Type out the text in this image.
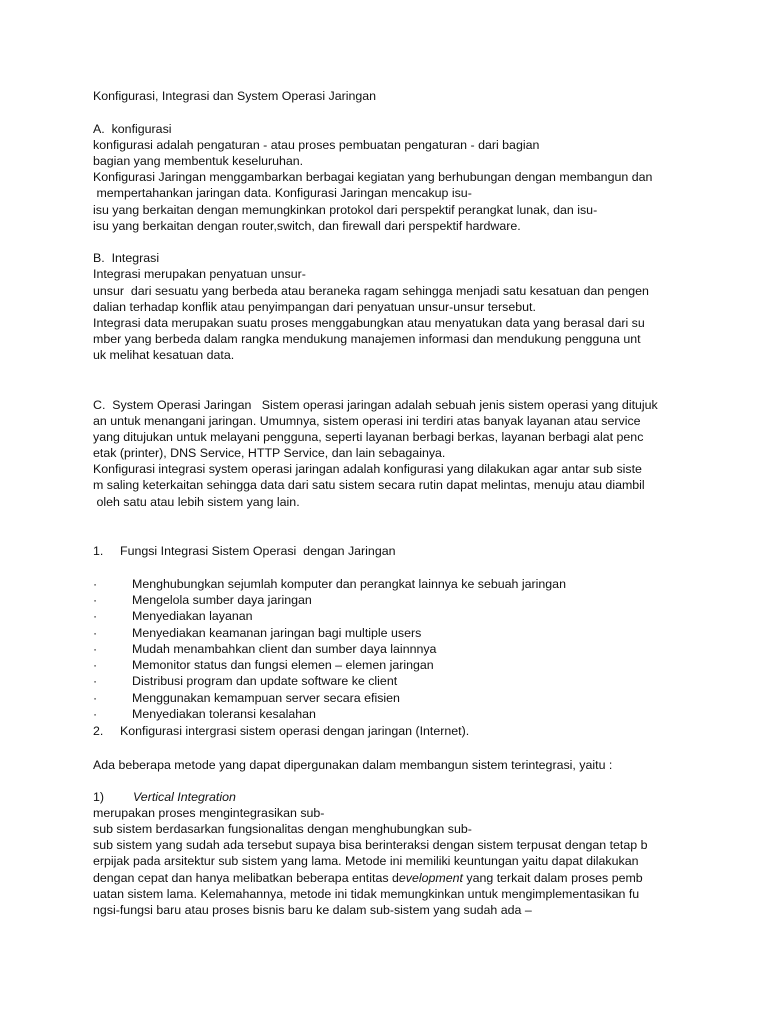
Konfigurasi, Integrasi dan System Operasi Jaringan

A.  konfigurasi

konfigurasi adalah pengaturan - atau proses pembuatan pengaturan - dari bagian

bagian yang membentuk keseluruhan.

Konfigurasi Jaringan menggambarkan berbagai kegiatan yang berhubungan dengan membangun dan

mempertahankan jaringan data. Konfigurasi Jaringan mencakup isu-

isu yang berkaitan dengan memungkinkan protokol dari perspektif perangkat lunak, dan isu-

isu yang berkaitan dengan router,switch, dan firewall dari perspektif hardware.

B.  Integrasi

Integrasi merupakan penyatuan unsur-

unsur  dari sesuatu yang berbeda atau beraneka ragam sehingga menjadi satu kesatuan dan pengen

dalian terhadap konflik atau penyimpangan dari penyatuan unsur-unsur tersebut.

Integrasi data merupakan suatu proses menggabungkan atau menyatukan data yang berasal dari su

mber yang berbeda dalam rangka mendukung manajemen informasi dan mendukung pengguna unt

uk melihat kesatuan data.

C.  System Operasi Jaringan   Sistem operasi jaringan adalah sebuah jenis sistem operasi yang ditujuk

an untuk menangani jaringan. Umumnya, sistem operasi ini terdiri atas banyak layanan atau service

yang ditujukan untuk melayani pengguna, seperti layanan berbagi berkas, layanan berbagi alat penc

etak (printer), DNS Service, HTTP Service, dan lain sebagainya.

Konfigurasi integrasi system operasi jaringan adalah konfigurasi yang dilakukan agar antar sub siste

m saling keterkaitan sehingga data dari satu sistem secara rutin dapat melintas, menuju atau diambil

oleh satu atau lebih sistem yang lain.

1. Fungsi Integrasi Sistem Operasi  dengan Jaringan

·	Menghubungkan sejumlah komputer dan perangkat lainnya ke sebuah jaringan

·	Mengelola sumber daya jaringan

·	Menyediakan layanan

·	Menyediakan keamanan jaringan bagi multiple users

·	Mudah menambahkan client dan sumber daya lainnnya

·	Memonitor status dan fungsi elemen – elemen jaringan

·	Distribusi program dan update software ke client

·	Menggunakan kemampuan server secara efisien

·	Menyediakan toleransi kesalahan

2. Konfigurasi intergrasi sistem operasi dengan jaringan (Internet).

Ada beberapa metode yang dapat dipergunakan dalam membangun sistem terintegrasi, yaitu :

1) Vertical Integration

merupakan proses mengintegrasikan sub-

sub sistem berdasarkan fungsionalitas dengan menghubungkan sub-

sub sistem yang sudah ada tersebut supaya bisa berinteraksi dengan sistem terpusat dengan tetap b

erpijak pada arsitektur sub sistem yang lama. Metode ini memiliki keuntungan yaitu dapat dilakukan

dengan cepat dan hanya melibatkan beberapa entitas development yang terkait dalam proses pemb

uatan sistem lama. Kelemahannya, metode ini tidak memungkinkan untuk mengimplementasikan fu

ngsi-fungsi baru atau proses bisnis baru ke dalam sub-sistem yang sudah ada –
